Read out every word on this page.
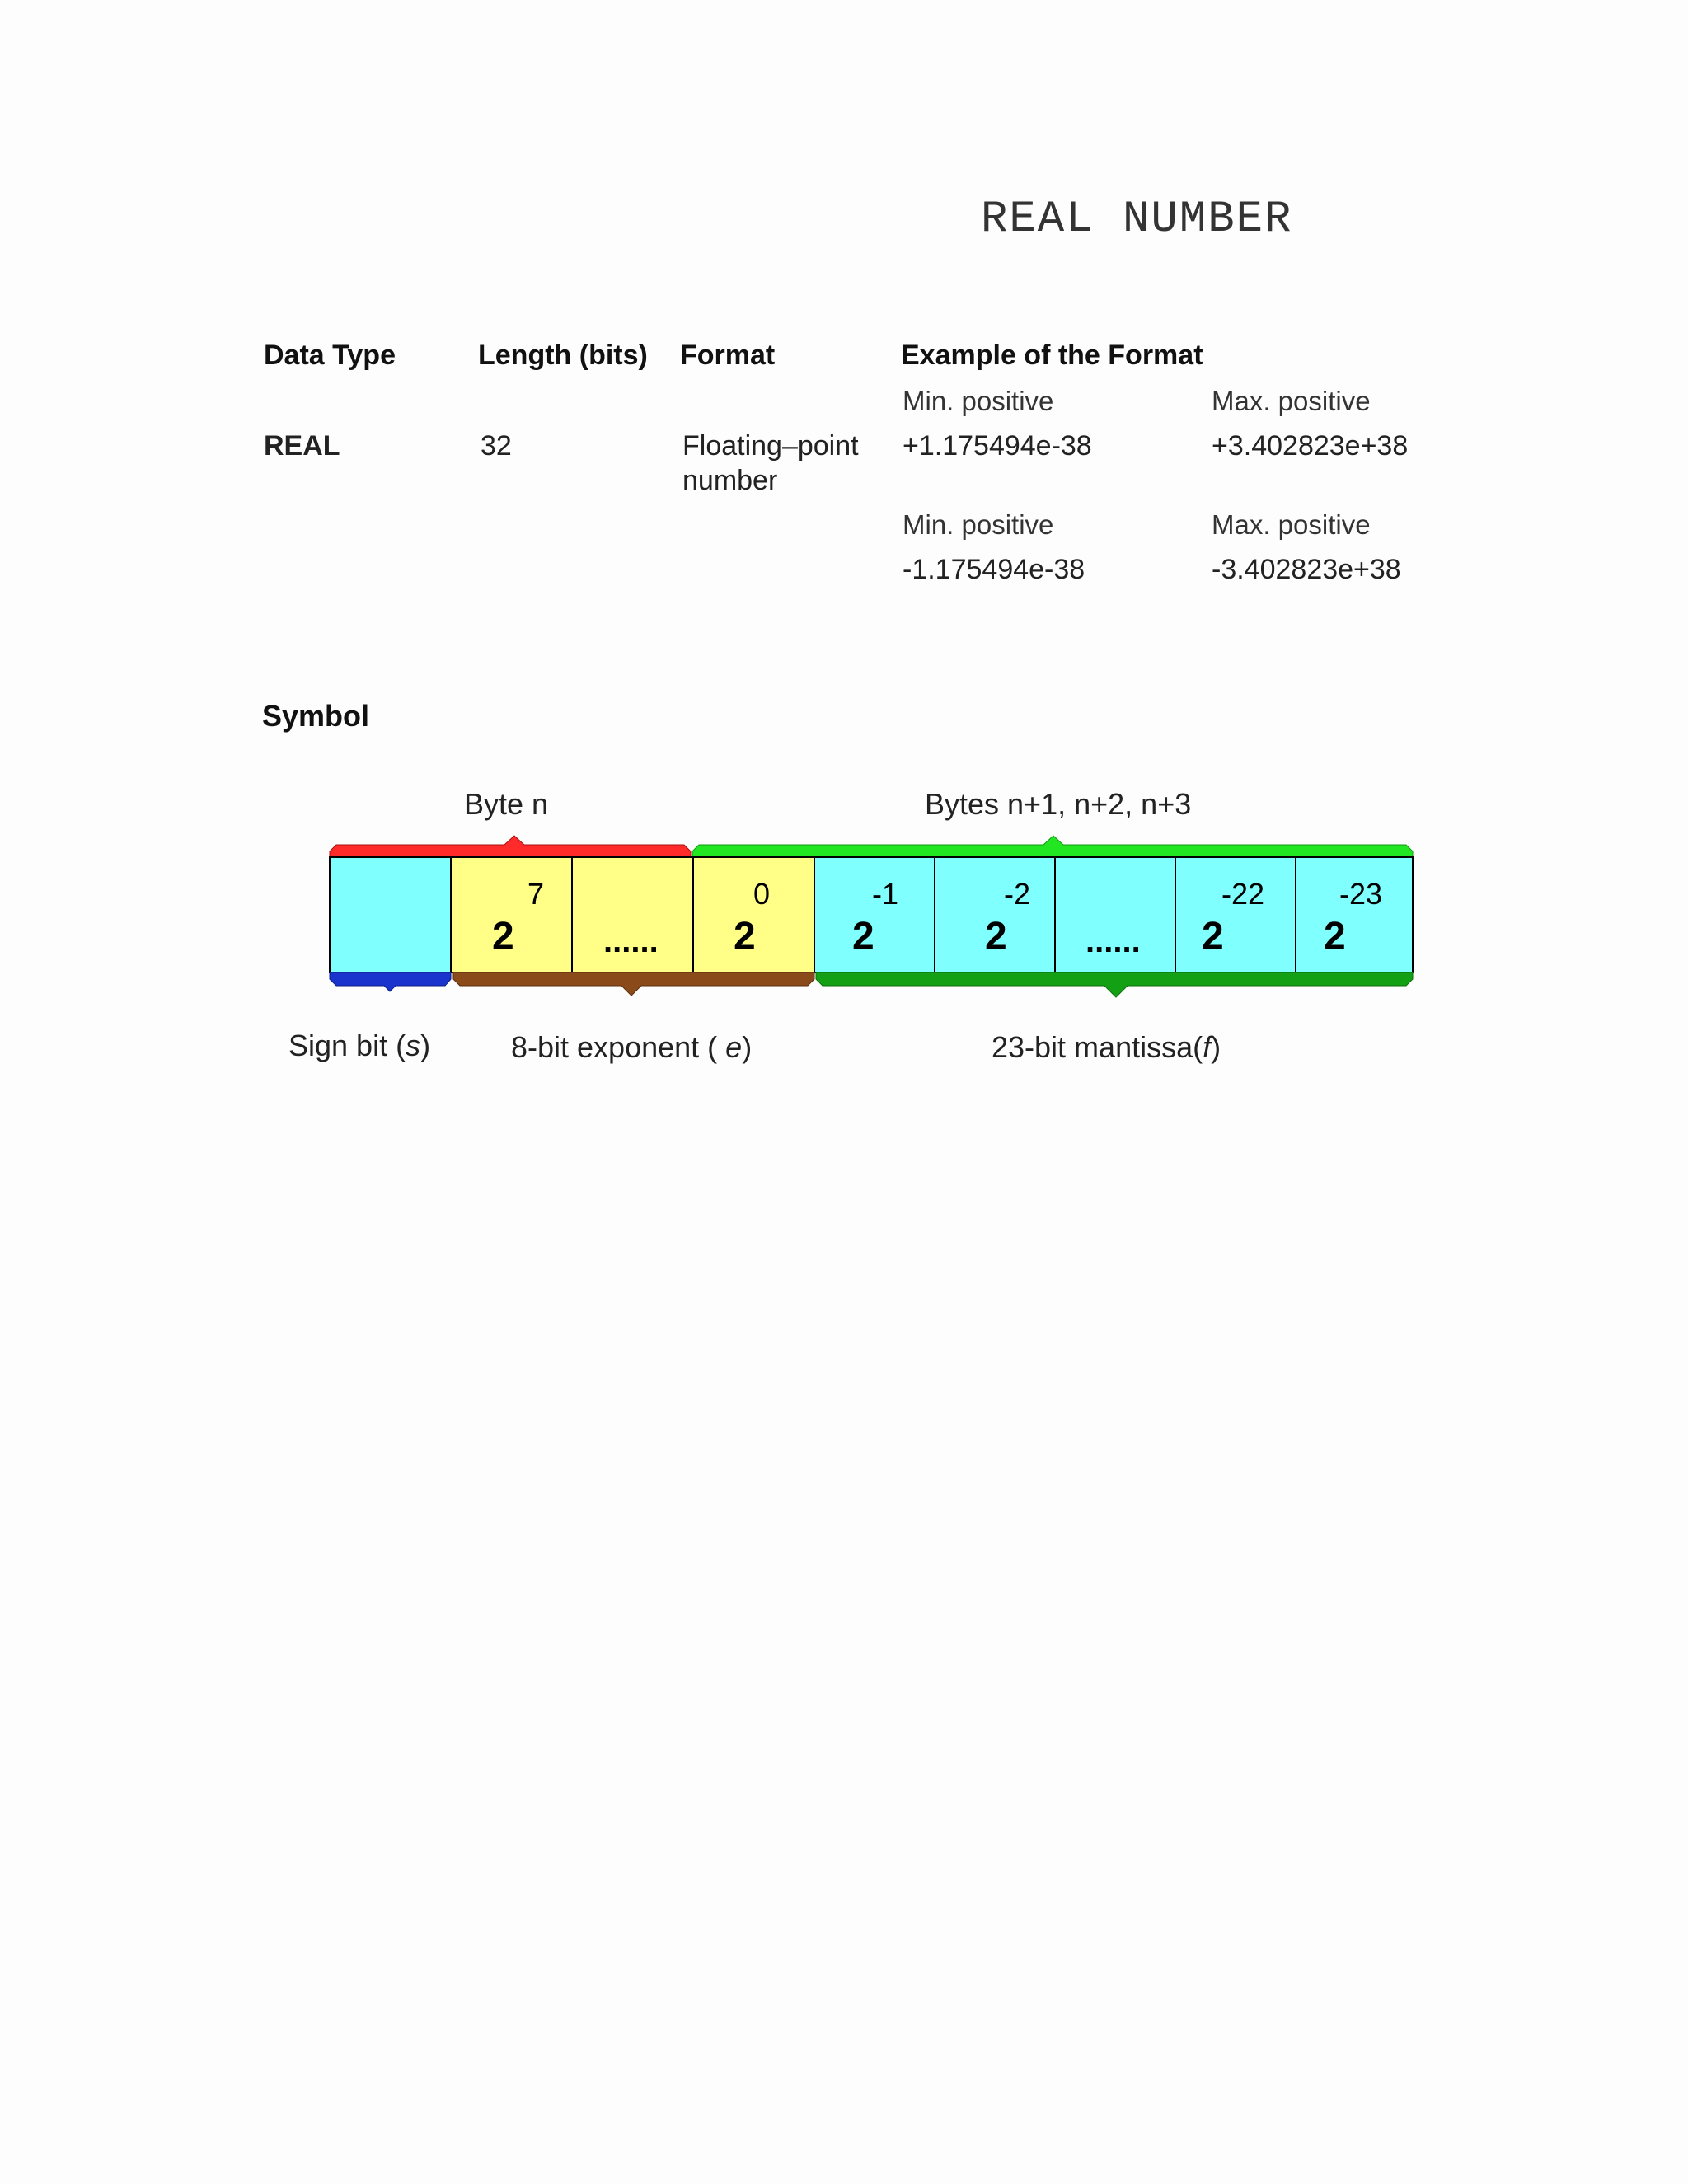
REAL NUMBER
Data Type	Length (bits) Format	Example of the Format
Min. positive	Max. positive
REAL	32	Floating–point
number
+1.175494e-38	+3.402823e+38
Min. positive	Max. positive
-1.175494e-38	-3.402823e+38
Symbol
Byte n	Bytes n+1, n+2, n+3
7
2	......
0
2
-1
2
-2
2 ......
-22
2
-23
2
Sign bit (s)	8-bit exponent ( e)	23-bit mantissa(f)
